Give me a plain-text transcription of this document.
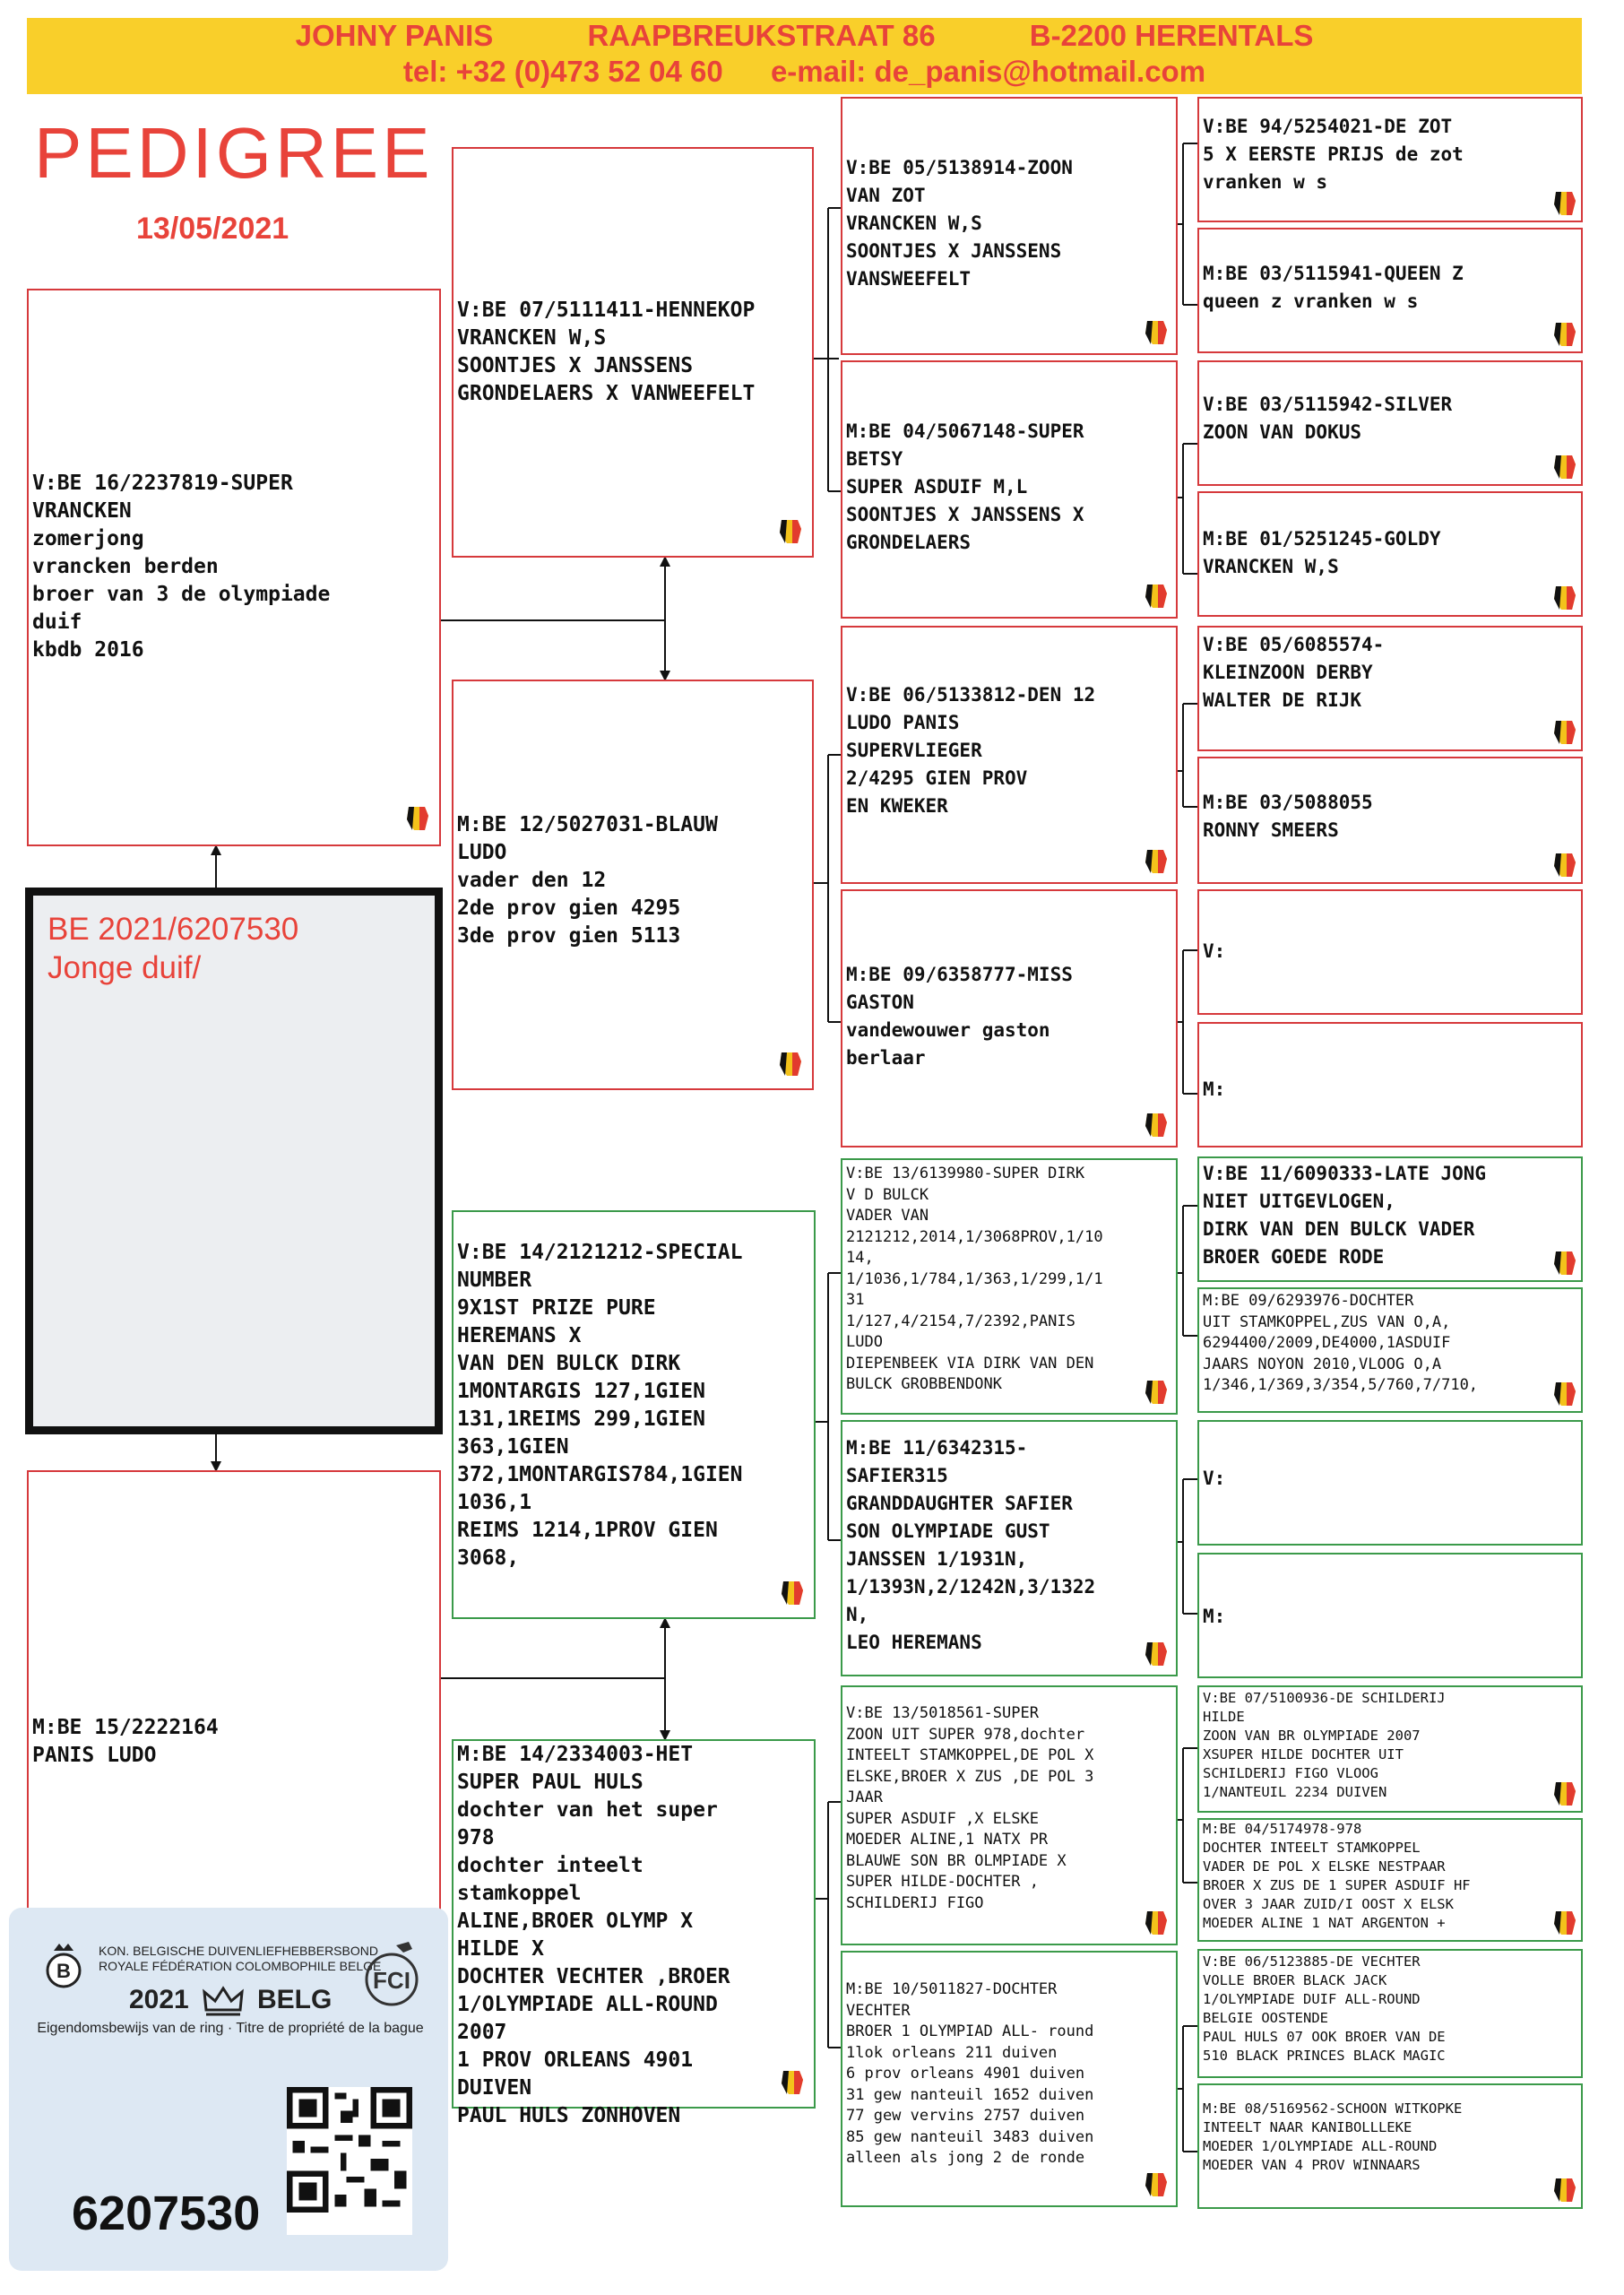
JOHNY PANIS	RAAPBREUKSTRAAT 86	B-2200 HERENTALS
tel: +32 (0)473 52 04 60 e-mail: de_panis@hotmail.com
PEDIGREE
13/05/2021
BE 2021/6207530
Jonge duif/
V:BE 16/2237819-SUPER
VRANCKEN
zomerjong
vrancken berden
broer van 3 de olympiade
duif
kbdb 2016
M:BE 15/2222164
PANIS LUDO
V:BE 07/5111411-HENNEKOP
VRANCKEN W,S
SOONTJES X JANSSENS
GRONDELAERS X VANWEEFELT
M:BE 12/5027031-BLAUW
LUDO
vader den 12
2de prov gien 4295
3de prov gien 5113
V:BE 14/2121212-SPECIAL
NUMBER
9X1ST PRIZE PURE
HEREMANS X
VAN DEN BULCK DIRK
1MONTARGIS 127,1GIEN
131,1REIMS 299,1GIEN
363,1GIEN
372,1MONTARGIS784,1GIEN
1036,1
REIMS 1214,1PROV GIEN
3068,
M:BE 14/2334003-HET
SUPER PAUL HULS
dochter van het super
978
dochter inteelt
stamkoppel
ALINE,BROER OLYMP X
HILDE X
DOCHTER VECHTER ,BROER
1/OLYMPIADE ALL-ROUND
2007
1 PROV ORLEANS 4901
DUIVEN
PAUL HULS ZONHOVEN
V:BE 05/5138914-ZOON
VAN ZOT
VRANCKEN W,S
SOONTJES X JANSSENS
VANSWEEFELT
M:BE 04/5067148-SUPER
BETSY
SUPER ASDUIF M,L
SOONTJES X JANSSENS X
GRONDELAERS
V:BE 06/5133812-DEN 12
LUDO PANIS
SUPERVLIEGER
2/4295 GIEN PROV
EN KWEKER
M:BE 09/6358777-MISS
GASTON
vandewouwer gaston
berlaar
V:BE 13/6139980-SUPER DIRK
V D BULCK
VADER VAN
2121212,2014,1/3068PROV,1/10
14,
1/1036,1/784,1/363,1/299,1/1
31
1/127,4/2154,7/2392,PANIS
LUDO
DIEPENBEEK VIA DIRK VAN DEN
BULCK GROBBENDONK
M:BE 11/6342315-
SAFIER315
GRANDDAUGHTER SAFIER
SON OLYMPIADE GUST
JANSSEN 1/1931N,
1/1393N,2/1242N,3/1322
N,
LEO HEREMANS
V:BE 13/5018561-SUPER
ZOON UIT SUPER 978,dochter
INTEELT STAMKOPPEL,DE POL X
ELSKE,BROER X ZUS ,DE POL 3
JAAR
SUPER ASDUIF ,X ELSKE
MOEDER ALINE,1 NATX PR
BLAUWE SON BR OLMPIADE X
SUPER HILDE-DOCHTER ,
SCHILDERIJ FIGO
M:BE 10/5011827-DOCHTER
VECHTER
BROER 1 OLYMPIAD ALL- round
1lok orleans 211 duiven
6 prov orleans 4901 duiven
31 gew nanteuil 1652 duiven
77 gew vervins 2757 duiven
85 gew nanteuil 3483 duiven
alleen als jong 2 de ronde
V:BE 94/5254021-DE ZOT
5 X EERSTE PRIJS de zot
vranken w s
M:BE 03/5115941-QUEEN Z
queen z vranken w s
V:BE 03/5115942-SILVER
ZOON VAN DOKUS
M:BE 01/5251245-GOLDY
VRANCKEN W,S
V:BE 05/6085574-
KLEINZOON DERBY
WALTER DE RIJK
M:BE 03/5088055
RONNY SMEERS
V:
M:
V:BE 11/6090333-LATE JONG
NIET UITGEVLOGEN,
DIRK VAN DEN BULCK VADER
BROER GOEDE RODE
M:BE 09/6293976-DOCHTER
UIT STAMKOPPEL,ZUS VAN O,A,
6294400/2009,DE4000,1ASDUIF
JAARS NOYON 2010,VLOOG O,A
1/346,1/369,3/354,5/760,7/710,
V:
M:
V:BE 07/5100936-DE SCHILDERIJ
HILDE
ZOON VAN BR OLYMPIADE 2007
XSUPER HILDE DOCHTER UIT
SCHILDERIJ FIGO VLOOG
1/NANTEUIL 2234 DUIVEN
M:BE 04/5174978-978
DOCHTER INTEELT STAMKOPPEL
VADER DE POL X ELSKE NESTPAAR
BROER X ZUS DE 1 SUPER ASDUIF HF
OVER 3 JAAR ZUID/I OOST X ELSK
MOEDER ALINE 1 NAT ARGENTON +
V:BE 06/5123885-DE VECHTER
VOLLE BROER BLACK JACK
1/OLYMPIADE DUIF ALL-ROUND
BELGIE OOSTENDE
PAUL HULS 07 OOK BROER VAN DE
510 BLACK PRINCES BLACK MAGIC
M:BE 08/5169562-SCHOON WITKOPKE
INTEELT NAAR KANIBOLLLEKE
MOEDER 1/OLYMPIADE ALL-ROUND
MOEDER VAN 4 PROV WINNAARS
B
KON. BELGISCHE DUIVENLIEFHEBBERSBOND
ROYALE FÉDÉRATION COLOMBOPHILE BELGE
FCI
2021	BELG
Eigendomsbewijs van de ring · Titre de propriété de la bague
6207530
